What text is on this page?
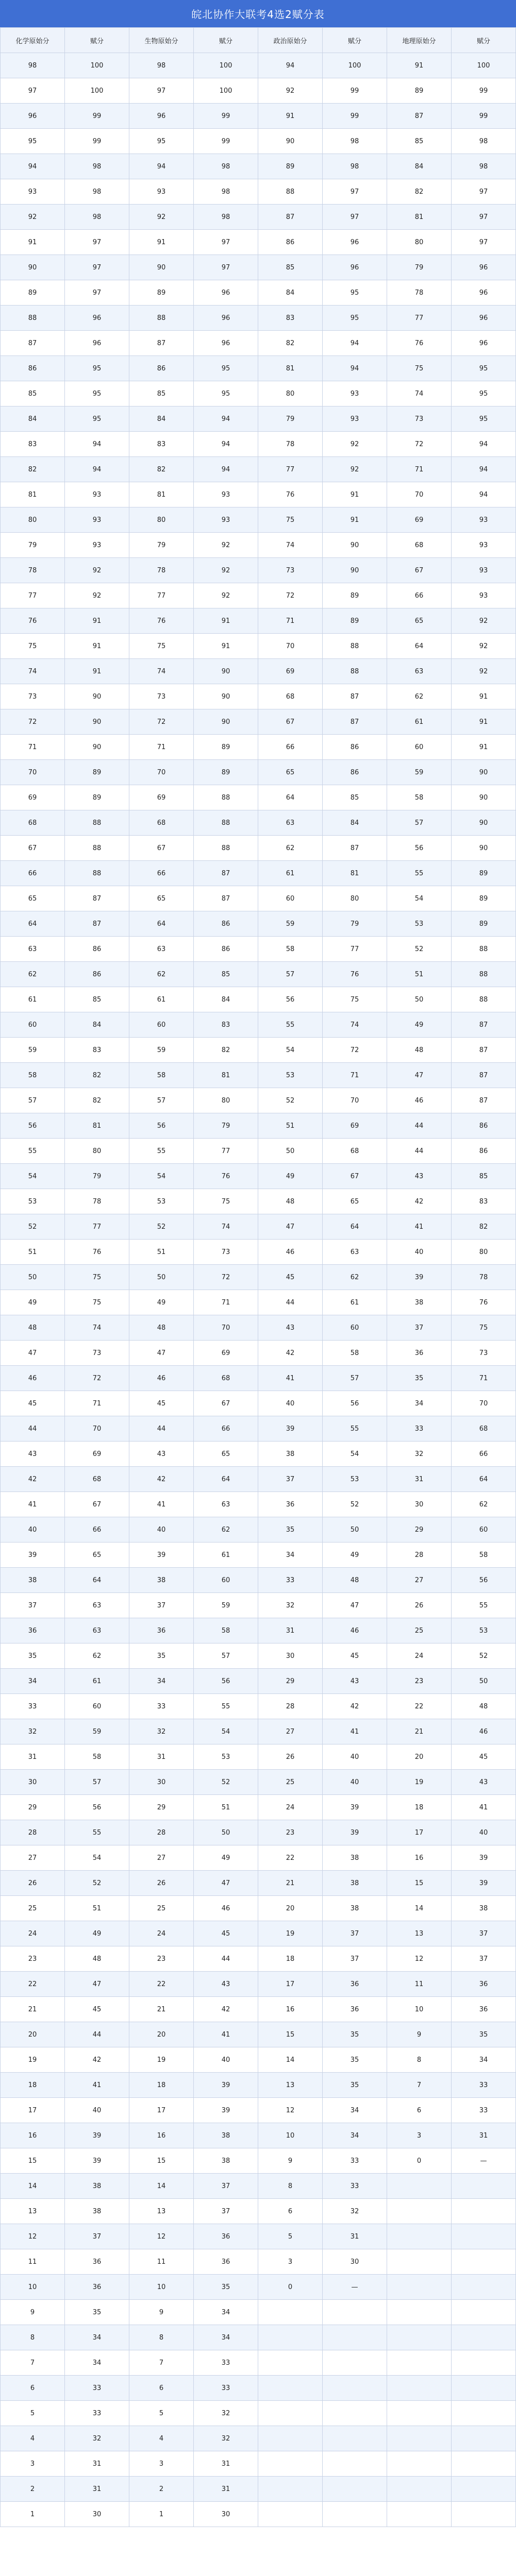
皖北协作大联考4选2赋分表
化学原始分	赋分	生物原始分	赋分	政治原始分	赋分	地理原始分	赋分
98	100	98	100	94	100	91	100
97	100	97	100	92	99	89	99
96	99	96	99	91	99	87	99
95	99	95	99	90	98	85	98
94	98	94	98	89	98	84	98
93	98	93	98	88	97	82	97
92	98	92	98	87	97	81	97
91	97	91	97	86	96	80	97
90	97	90	97	85	96	79	96
89	97	89	96	84	95	78	96
88	96	88	96	83	95	77	96
87	96	87	96	82	94	76	96
86	95	86	95	81	94	75	95
85	95	85	95	80	93	74	95
84	95	84	94	79	93	73	95
83	94	83	94	78	92	72	94
82	94	82	94	77	92	71	94
81	93	81	93	76	91	70	94
80	93	80	93	75	91	69	93
79	93	79	92	74	90	68	93
78	92	78	92	73	90	67	93
77	92	77	92	72	89	66	93
76	91	76	91	71	89	65	92
75	91	75	91	70	88	64	92
74	91	74	90	69	88	63	92
73	90	73	90	68	87	62	91
72	90	72	90	67	87	61	91
71	90	71	89	66	86	60	91
70	89	70	89	65	86	59	90
69	89	69	88	64	85	58	90
68	88	68	88	63	84	57	90
67	88	67	88	62	87	56	90
66	88	66	87	61	81	55	89
65	87	65	87	60	80	54	89
64	87	64	86	59	79	53	89
63	86	63	86	58	77	52	88
62	86	62	85	57	76	51	88
61	85	61	84	56	75	50	88
60	84	60	83	55	74	49	87
59	83	59	82	54	72	48	87
58	82	58	81	53	71	47	87
57	82	57	80	52	70	46	87
56	81	56	79	51	69	44	86
55	80	55	77	50	68	44	86
54	79	54	76	49	67	43	85
53	78	53	75	48	65	42	83
52	77	52	74	47	64	41	82
51	76	51	73	46	63	40	80
50	75	50	72	45	62	39	78
49	75	49	71	44	61	38	76
48	74	48	70	43	60	37	75
47	73	47	69	42	58	36	73
46	72	46	68	41	57	35	71
45	71	45	67	40	56	34	70
44	70	44	66	39	55	33	68
43	69	43	65	38	54	32	66
42	68	42	64	37	53	31	64
41	67	41	63	36	52	30	62
40	66	40	62	35	50	29	60
39	65	39	61	34	49	28	58
38	64	38	60	33	48	27	56
37	63	37	59	32	47	26	55
36	63	36	58	31	46	25	53
35	62	35	57	30	45	24	52
34	61	34	56	29	43	23	50
33	60	33	55	28	42	22	48
32	59	32	54	27	41	21	46
31	58	31	53	26	40	20	45
30	57	30	52	25	40	19	43
29	56	29	51	24	39	18	41
28	55	28	50	23	39	17	40
27	54	27	49	22	38	16	39
26	52	26	47	21	38	15	39
25	51	25	46	20	38	14	38
24	49	24	45	19	37	13	37
23	48	23	44	18	37	12	37
22	47	22	43	17	36	11	36
21	45	21	42	16	36	10	36
20	44	20	41	15	35	9	35
19	42	19	40	14	35	8	34
18	41	18	39	13	35	7	33
17	40	17	39	12	34	6	33
16	39	16	38	10	34	3	31
15	39	15	38	9	33	0	—
14	38	14	37	8	33		
13	38	13	37	6	32		
12	37	12	36	5	31		
11	36	11	36	3	30		
10	36	10	35	0	—		
9	35	9	34				
8	34	8	34				
7	34	7	33				
6	33	6	33				
5	33	5	32				
4	32	4	32				
3	31	3	31				
2	31	2	31				
1	30	1	30				
